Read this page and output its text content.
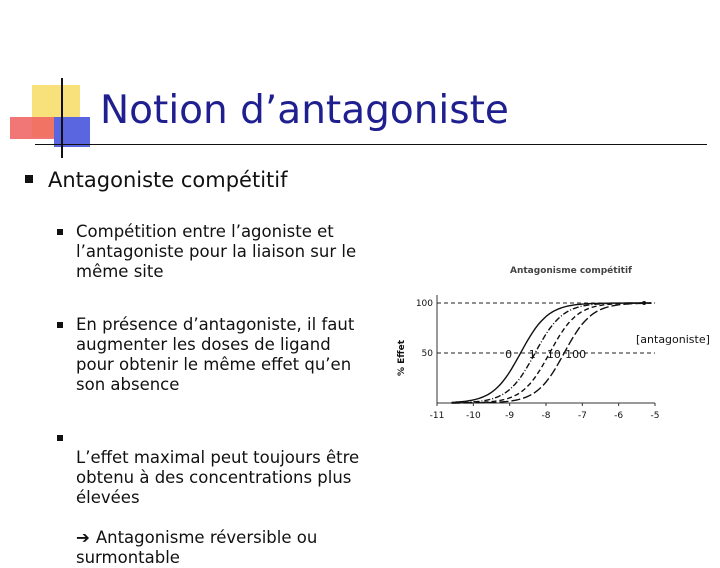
Notion d’antagoniste
Antagoniste compétitif
Compétition entre l’agoniste et
l’antagoniste pour la liaison sur le
même site
En présence d’antagoniste, il faut
augmenter les doses de ligand
pour obtenir le même effet qu’en
son absence

L’effet maximal peut toujours être
obtenu à des concentrations plus
élevées

➔ Antagonisme réversible ou
surmontable

Antagonisme compétitif
% Effet
100
50
-11 -10	-9	-8	-7	-6	-5
0 1 10 100
[antagoniste]
